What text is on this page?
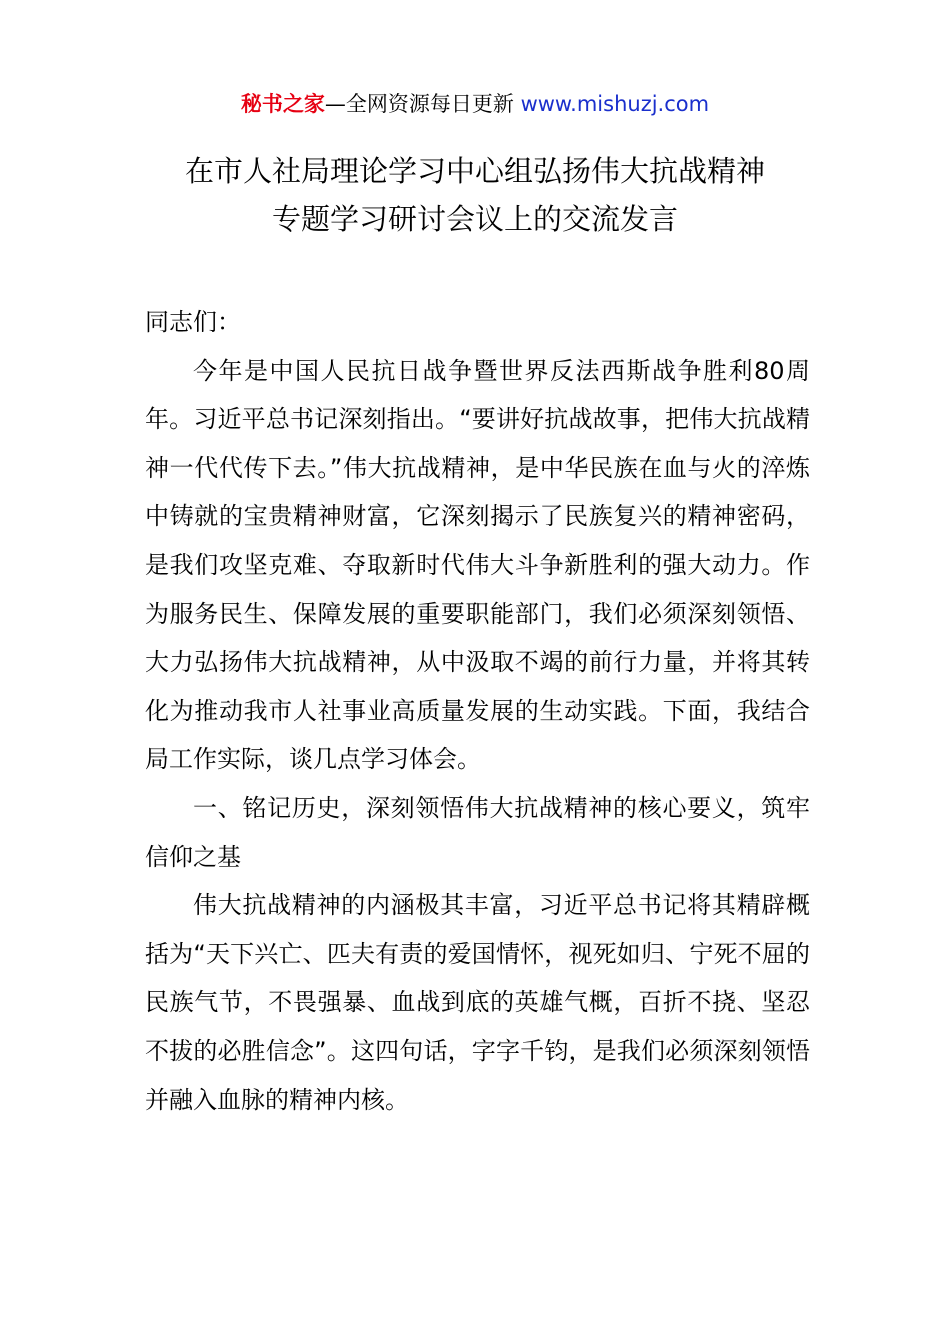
秘书之家—全网资源每日更新 www.mishuzj.com
在市人社局理论学习中心组弘扬伟大抗战精神
专题学习研讨会议上的交流发言

同志们：

今年是中国人民抗日战争暨世界反法西斯战争胜利80周年。习近平总书记深刻指出。“要讲好抗战故事，把伟大抗战精神一代代传下去。”伟大抗战精神，是中华民族在血与火的淬炼中铸就的宝贵精神财富，它深刻揭示了民族复兴的精神密码，是我们攻坚克难、夺取新时代伟大斗争新胜利的强大动力。作为服务民生、保障发展的重要职能部门，我们必须深刻领悟、大力弘扬伟大抗战精神，从中汲取不竭的前行力量，并将其转化为推动我市人社事业高质量发展的生动实践。下面，我结合局工作实际，谈几点学习体会。

一、铭记历史，深刻领悟伟大抗战精神的核心要义，筑牢信仰之基

伟大抗战精神的内涵极其丰富，习近平总书记将其精辟概括为“天下兴亡、匹夫有责的爱国情怀，视死如归、宁死不屈的民族气节，不畏强暴、血战到底的英雄气概，百折不挠、坚忍不拔的必胜信念”。这四句话，字字千钧，是我们必须深刻领悟并融入血脉的精神内核。
